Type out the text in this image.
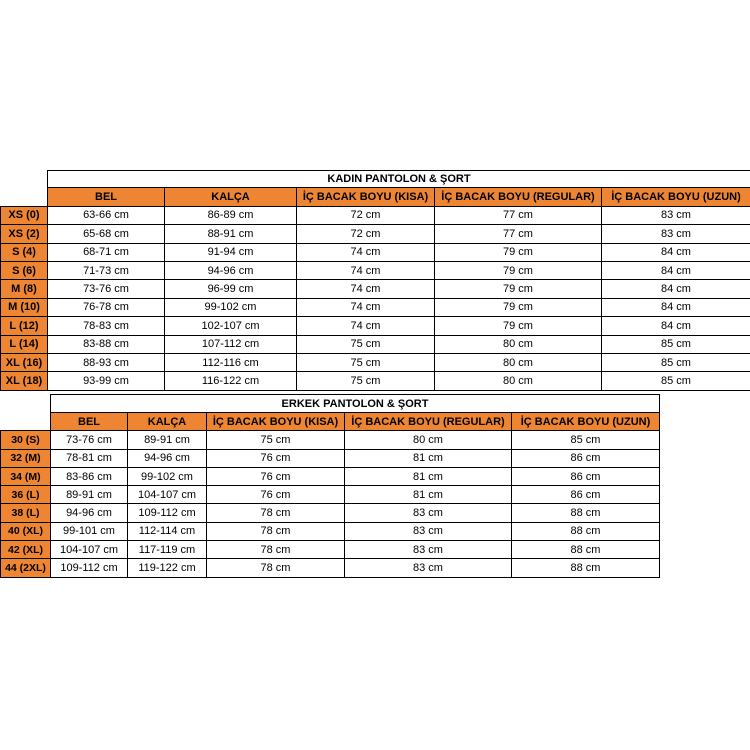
	KADIN PANTOLON & ŞORT				
	BEL	KALÇA	İÇ BACAK BOYU (KISA)	İÇ BACAK BOYU (REGULAR)	İÇ BACAK BOYU (UZUN)
XS (0)	63-66 cm	86-89 cm	72 cm	77 cm	83 cm
XS (2)	65-68 cm	88-91 cm	72 cm	77 cm	83 cm
S (4)	68-71 cm	91-94 cm	74 cm	79 cm	84 cm
S (6)	71-73 cm	94-96 cm	74 cm	79 cm	84 cm
M (8)	73-76 cm	96-99 cm	74 cm	79 cm	84 cm
M (10)	76-78 cm	99-102 cm	74 cm	79 cm	84 cm
L (12)	78-83 cm	102-107 cm	74 cm	79 cm	84 cm
L (14)	83-88 cm	107-112 cm	75 cm	80 cm	85 cm
XL (16)	88-93 cm	112-116 cm	75 cm	80 cm	85 cm
XL (18)	93-99 cm	116-122 cm	75 cm	80 cm	85 cm
	ERKEK PANTOLON & ŞORT				
	BEL	KALÇA	İÇ BACAK BOYU (KISA)	İÇ BACAK BOYU (REGULAR)	İÇ BACAK BOYU (UZUN)
30 (S)	73-76 cm	89-91 cm	75 cm	80 cm	85 cm
32 (M)	78-81 cm	94-96 cm	76 cm	81 cm	86 cm
34 (M)	83-86 cm	99-102 cm	76 cm	81 cm	86 cm
36 (L)	89-91 cm	104-107 cm	76 cm	81 cm	86 cm
38 (L)	94-96 cm	109-112 cm	78 cm	83 cm	88 cm
40 (XL)	99-101 cm	112-114 cm	78 cm	83 cm	88 cm
42 (XL)	104-107 cm	117-119 cm	78 cm	83 cm	88 cm
44 (2XL)	109-112 cm	119-122 cm	78 cm	83 cm	88 cm
